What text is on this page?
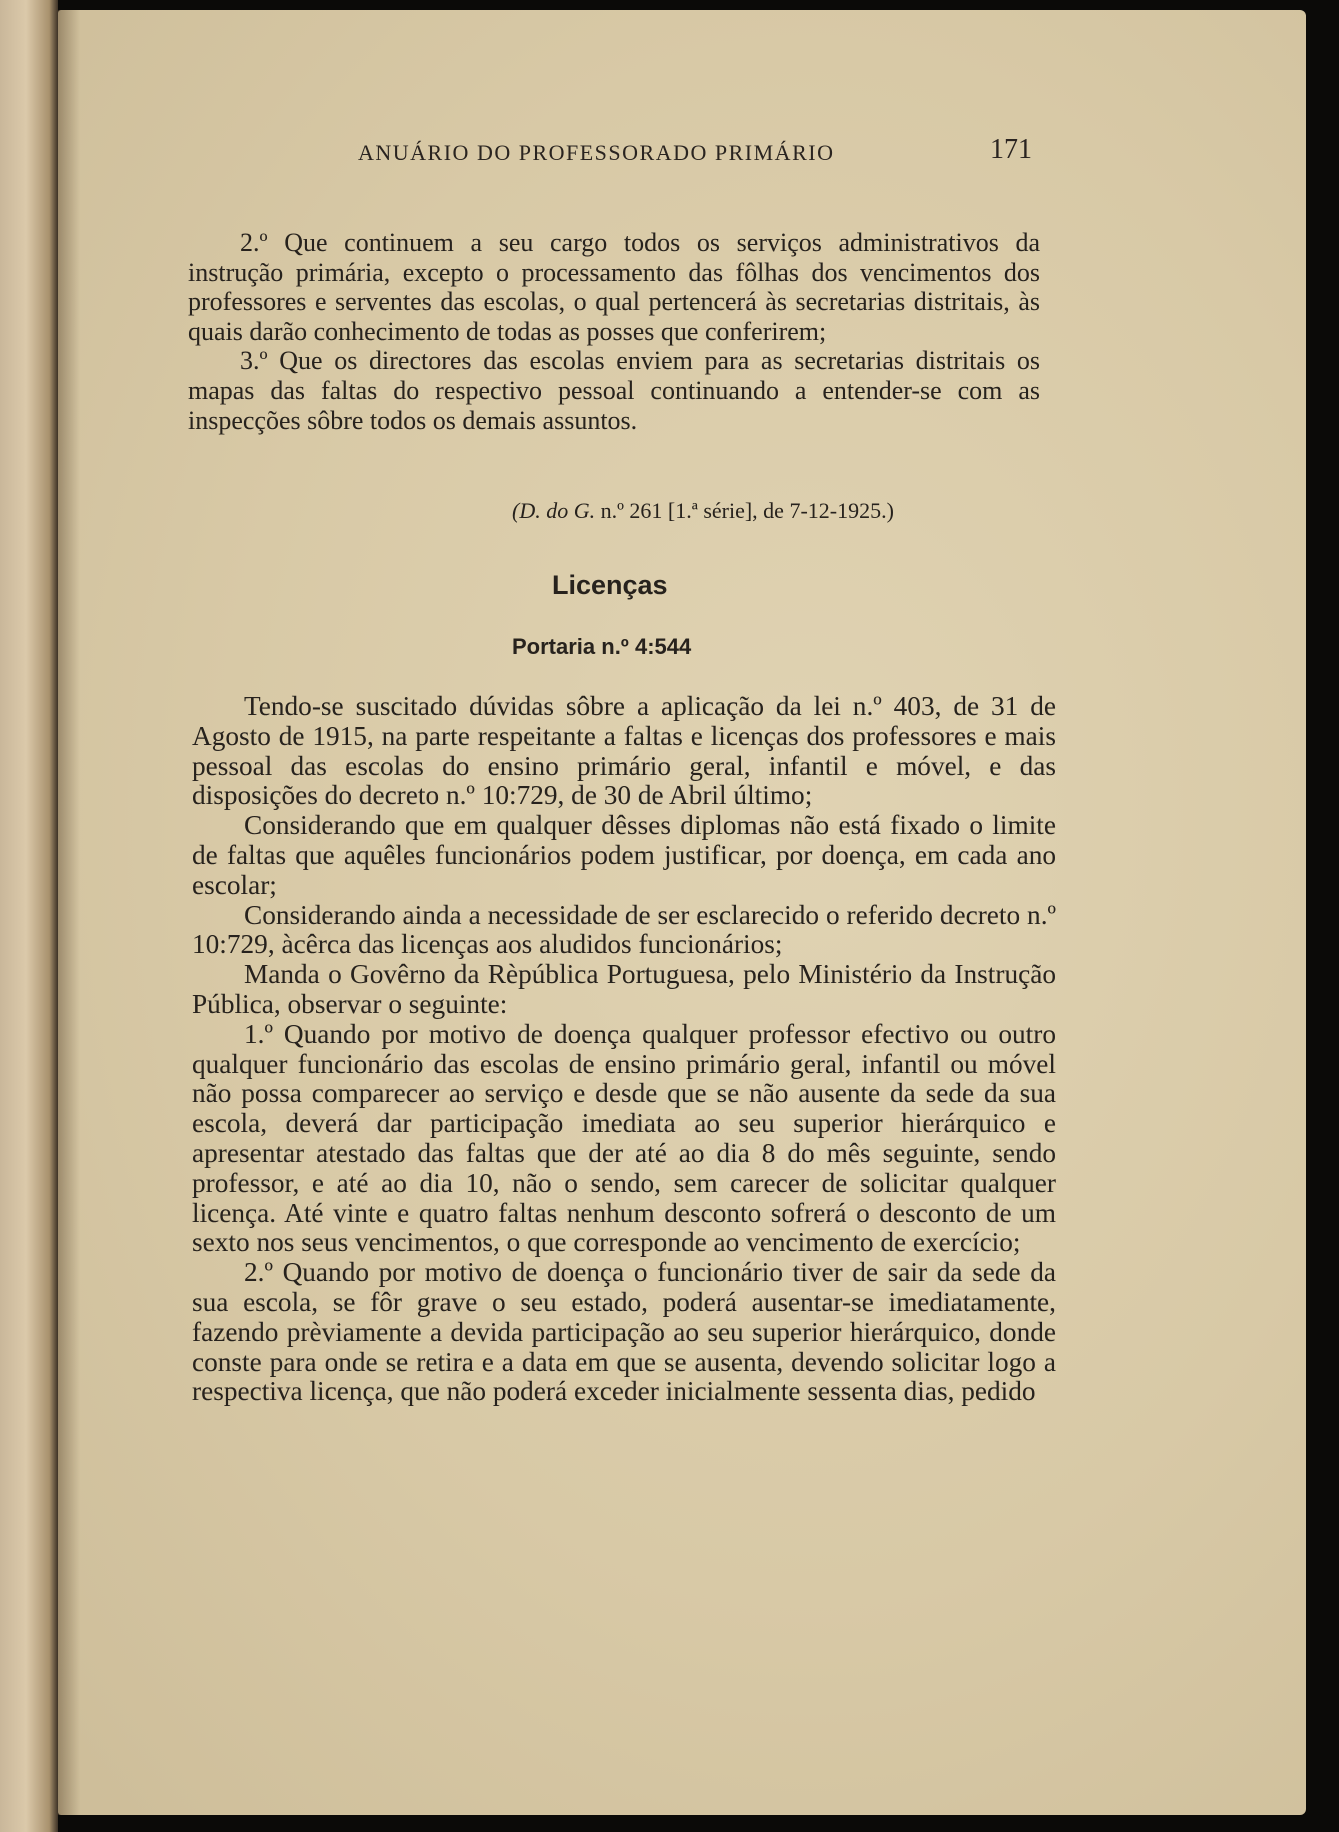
ANUÁRIO DO PROFESSORADO PRIMÁRIO	171

2.º Que continuem a seu cargo todos os serviços administrativos da instrução primária, excepto o processamento das fôlhas dos vencimentos dos professores e serventes das escolas, o qual pertencerá às secretarias distritais, às quais darão conhecimento de todas as posses que conferirem;

3.º Que os directores das escolas enviem para as secretarias distritais os mapas das faltas do respectivo pessoal continuando a entender-se com as inspecções sôbre todos os demais assuntos.

(D. do G. n.º 261 [1.ª série], de 7-12-1925.)
Licenças
Portaria n.º 4:544

Tendo-se suscitado dúvidas sôbre a aplicação da lei n.º 403, de 31 de Agosto de 1915, na parte respeitante a faltas e licenças dos professores e mais pessoal das escolas do ensino primário geral, infantil e móvel, e das disposições do decreto n.º 10:729, de 30 de Abril último;

Considerando que em qualquer dêsses diplomas não está fixado o limite de faltas que aquêles funcionários podem justificar, por doença, em cada ano escolar;

Considerando ainda a necessidade de ser esclarecido o referido decreto n.º 10:729, àcêrca das licenças aos aludidos funcionários;

Manda o Govêrno da Rèpública Portuguesa, pelo Ministério da Instrução Pública, observar o seguinte:

1.º Quando por motivo de doença qualquer professor efectivo ou outro qualquer funcionário das escolas de ensino primário geral, infantil ou móvel não possa comparecer ao serviço e desde que se não ausente da sede da sua escola, deverá dar participação imediata ao seu superior hierárquico e apresentar atestado das faltas que der até ao dia 8 do mês seguinte, sendo professor, e até ao dia 10, não o sendo, sem carecer de solicitar qualquer licença. Até vinte e quatro faltas nenhum desconto sofrerá o desconto de um sexto nos seus vencimentos, o que corresponde ao vencimento de exercício;

2.º Quando por motivo de doença o funcionário tiver de sair da sede da sua escola, se fôr grave o seu estado, poderá ausentar-se imediatamente, fazendo prèviamente a devida participação ao seu superior hierárquico, donde conste para onde se retira e a data em que se ausenta, devendo solicitar logo a respectiva licença, que não poderá exceder inicialmente sessenta dias, pedido
